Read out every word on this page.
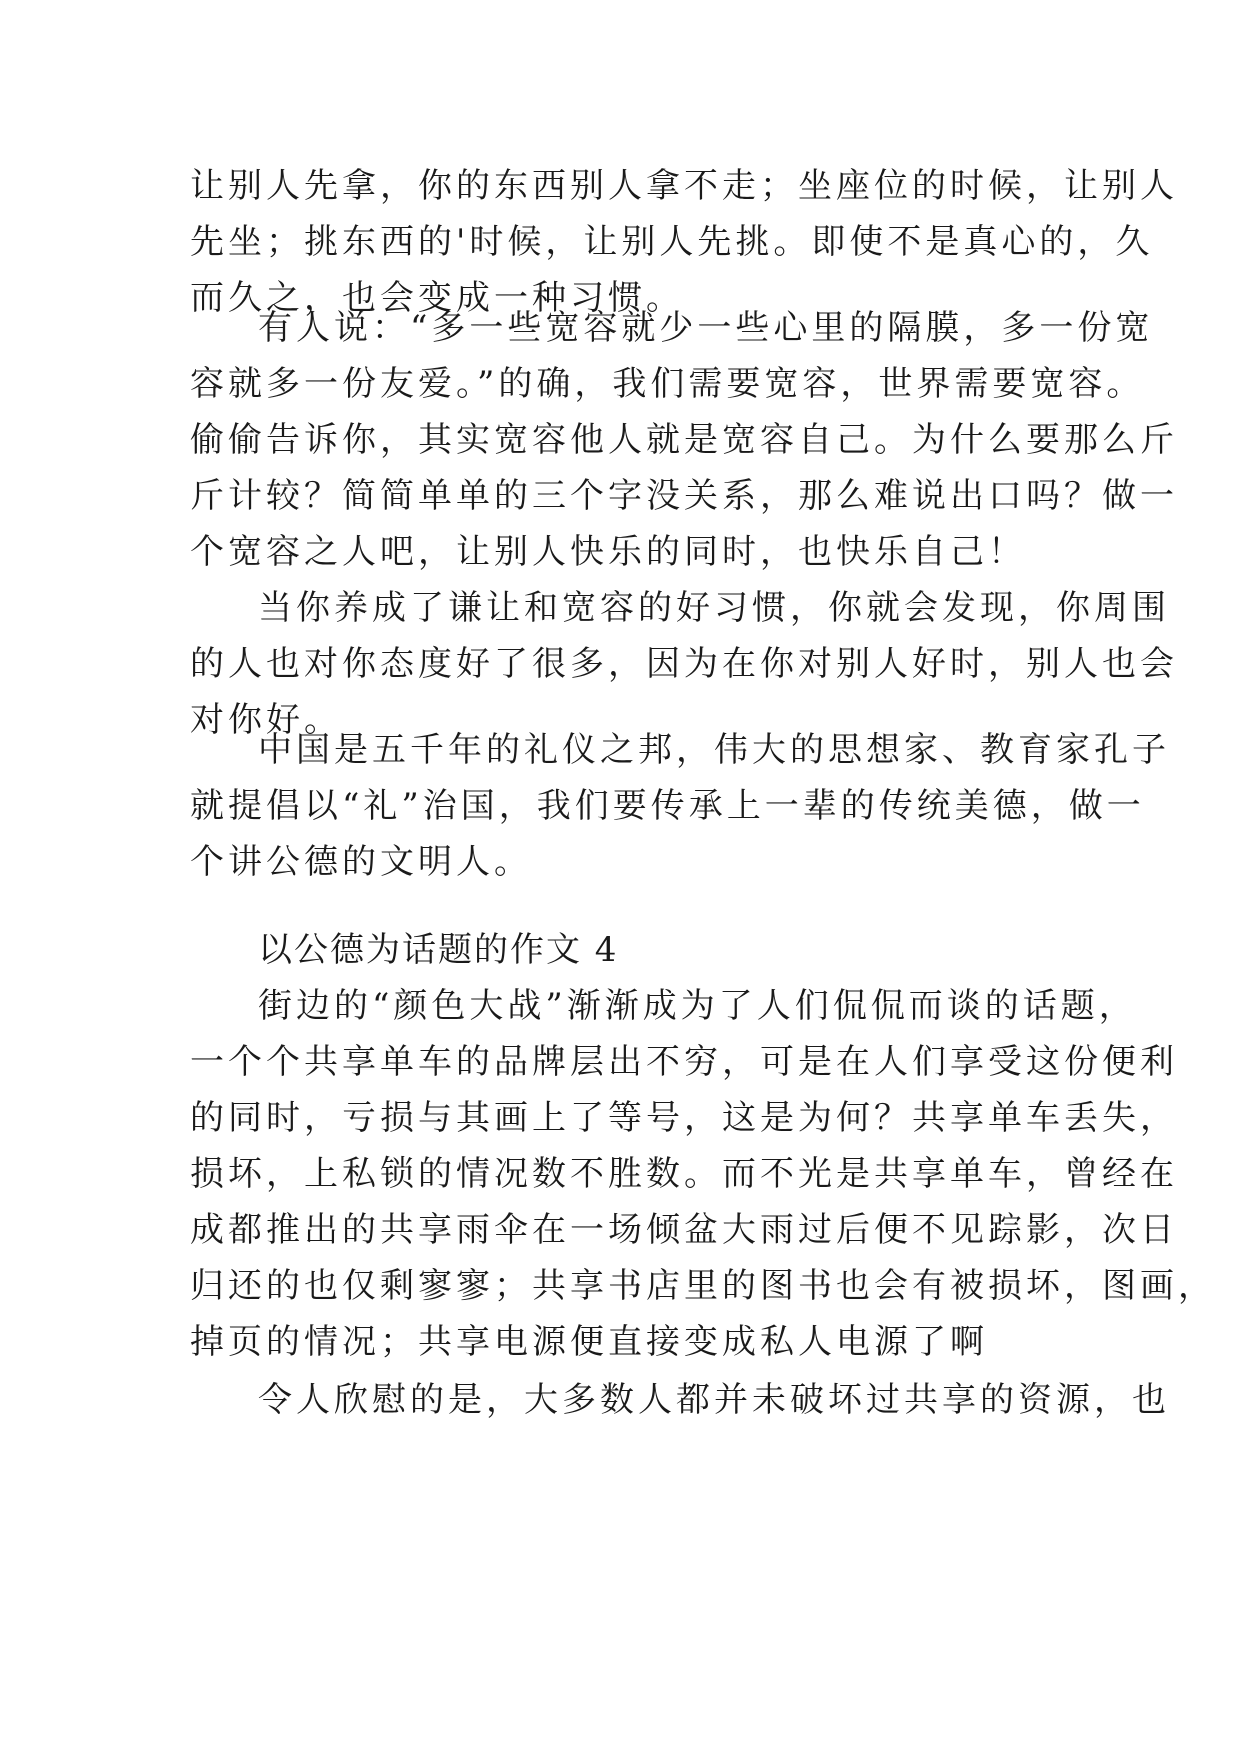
让别人先拿，你的东西别人拿不走；坐座位的时候，让别人
先坐；挑东西的'时候，让别人先挑。即使不是真心的，久
而久之，也会变成一种习惯。
有人说：“多一些宽容就少一些心里的隔膜，多一份宽
容就多一份友爱。”的确，我们需要宽容，世界需要宽容。
偷偷告诉你，其实宽容他人就是宽容自己。为什么要那么斤
斤计较？简简单单的三个字没关系，那么难说出口吗？做一
个宽容之人吧，让别人快乐的同时，也快乐自己！
当你养成了谦让和宽容的好习惯，你就会发现，你周围
的人也对你态度好了很多，因为在你对别人好时，别人也会
对你好。
中国是五千年的礼仪之邦，伟大的思想家、教育家孔子
就提倡以“礼”治国，我们要传承上一辈的传统美德，做一
个讲公德的文明人。
以公德为话题的作文 4
街边的“颜色大战”渐渐成为了人们侃侃而谈的话题，
一个个共享单车的品牌层出不穷，可是在人们享受这份便利
的同时，亏损与其画上了等号，这是为何？共享单车丢失，
损坏，上私锁的情况数不胜数。而不光是共享单车，曾经在
成都推出的共享雨伞在一场倾盆大雨过后便不见踪影，次日
归还的也仅剩寥寥；共享书店里的图书也会有被损坏，图画，
掉页的情况；共享电源便直接变成私人电源了啊
令人欣慰的是，大多数人都并未破坏过共享的资源，也
